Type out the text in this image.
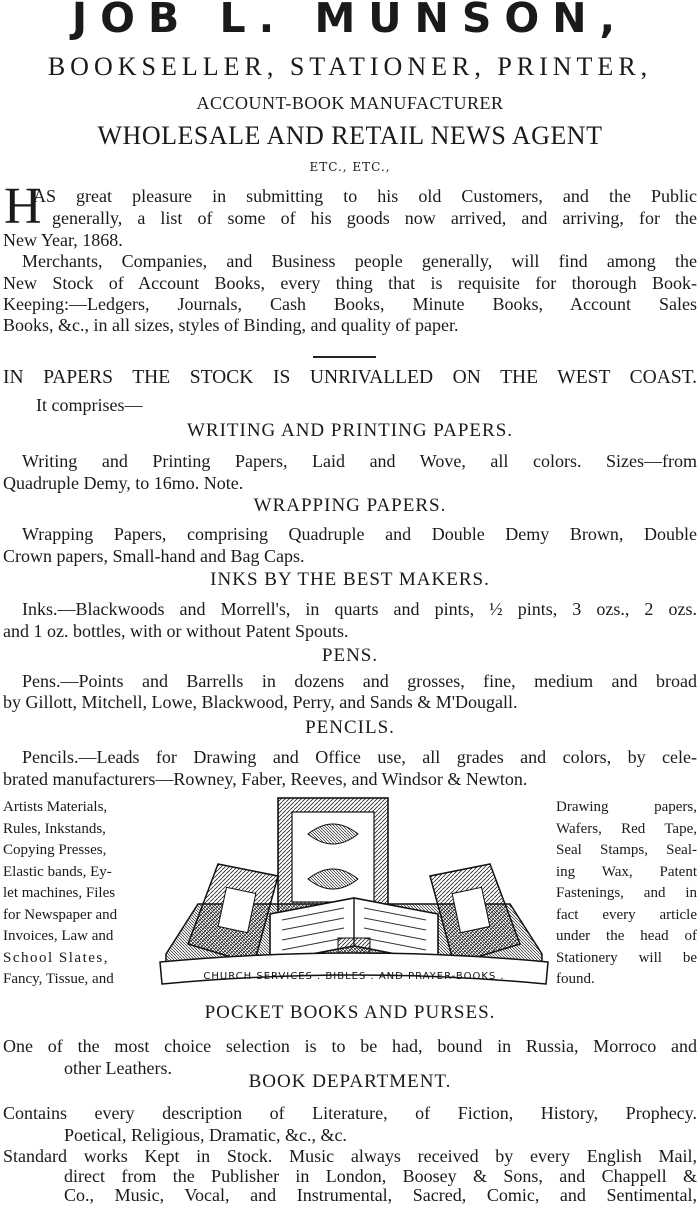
JOB L. MUNSON,
BOOKSELLER, STATIONER, PRINTER,
ACCOUNT-BOOK MANUFACTURER
WHOLESALE AND RETAIL NEWS AGENT
ETC., ETC.,
H
AS great pleasure in submitting to his old Customers, and the Public
generally, a list of some of his goods now arrived, and arriving, for the
New Year, 1868.
Merchants, Companies, and Business people generally, will find among the
New Stock of Account Books, every thing that is requisite for thorough Book-
Keeping:—Ledgers, Journals, Cash Books, Minute Books, Account Sales
Books, &c., in all sizes, styles of Binding, and quality of paper.
IN PAPERS THE STOCK IS UNRIVALLED ON THE WEST COAST.
It comprises—
WRITING AND PRINTING PAPERS.
Writing and Printing Papers, Laid and Wove, all colors. Sizes—from
Quadruple Demy, to 16mo. Note.
WRAPPING PAPERS.
Wrapping Papers, comprising Quadruple and Double Demy Brown, Double
Crown papers, Small-hand and Bag Caps.
INKS BY THE BEST MAKERS.
Inks.—Blackwoods and Morrell's, in quarts and pints, ½ pints, 3 ozs., 2 ozs.
and 1 oz. bottles, with or without Patent Spouts.
PENS.
Pens.—Points and Barrells in dozens and grosses, fine, medium and broad
by Gillott, Mitchell, Lowe, Blackwood, Perry, and Sands & M'Dougall.
PENCILS.
Pencils.—Leads for Drawing and Office use, all grades and colors, by cele-
brated manufacturers—Rowney, Faber, Reeves, and Windsor & Newton.
Artists Materials,
Rules, Inkstands,
Copying Presses,
Elastic bands, Ey-
let machines, Files
for Newspaper and
Invoices, Law and
School Slates,
Fancy, Tissue, and	CHURCH SERVICES . BIBLES . AND PRAYER-BOOKS .
Drawing papers,
Wafers, Red Tape,
Seal Stamps, Seal-
ing Wax, Patent
Fastenings, and in
fact every article
under the head of
Stationery will be
found.
POCKET BOOKS AND PURSES.
One of the most choice selection is to be had, bound in Russia, Morroco and
other Leathers.
BOOK DEPARTMENT.
Contains every description of Literature, of Fiction, History, Prophecy.
Poetical, Religious, Dramatic, &c., &c.
Standard works Kept in Stock. Music always received by every English Mail,
direct from the Publisher in London, Boosey & Sons, and Chappell &
Co., Music, Vocal, and Instrumental, Sacred, Comic, and Sentimental,
